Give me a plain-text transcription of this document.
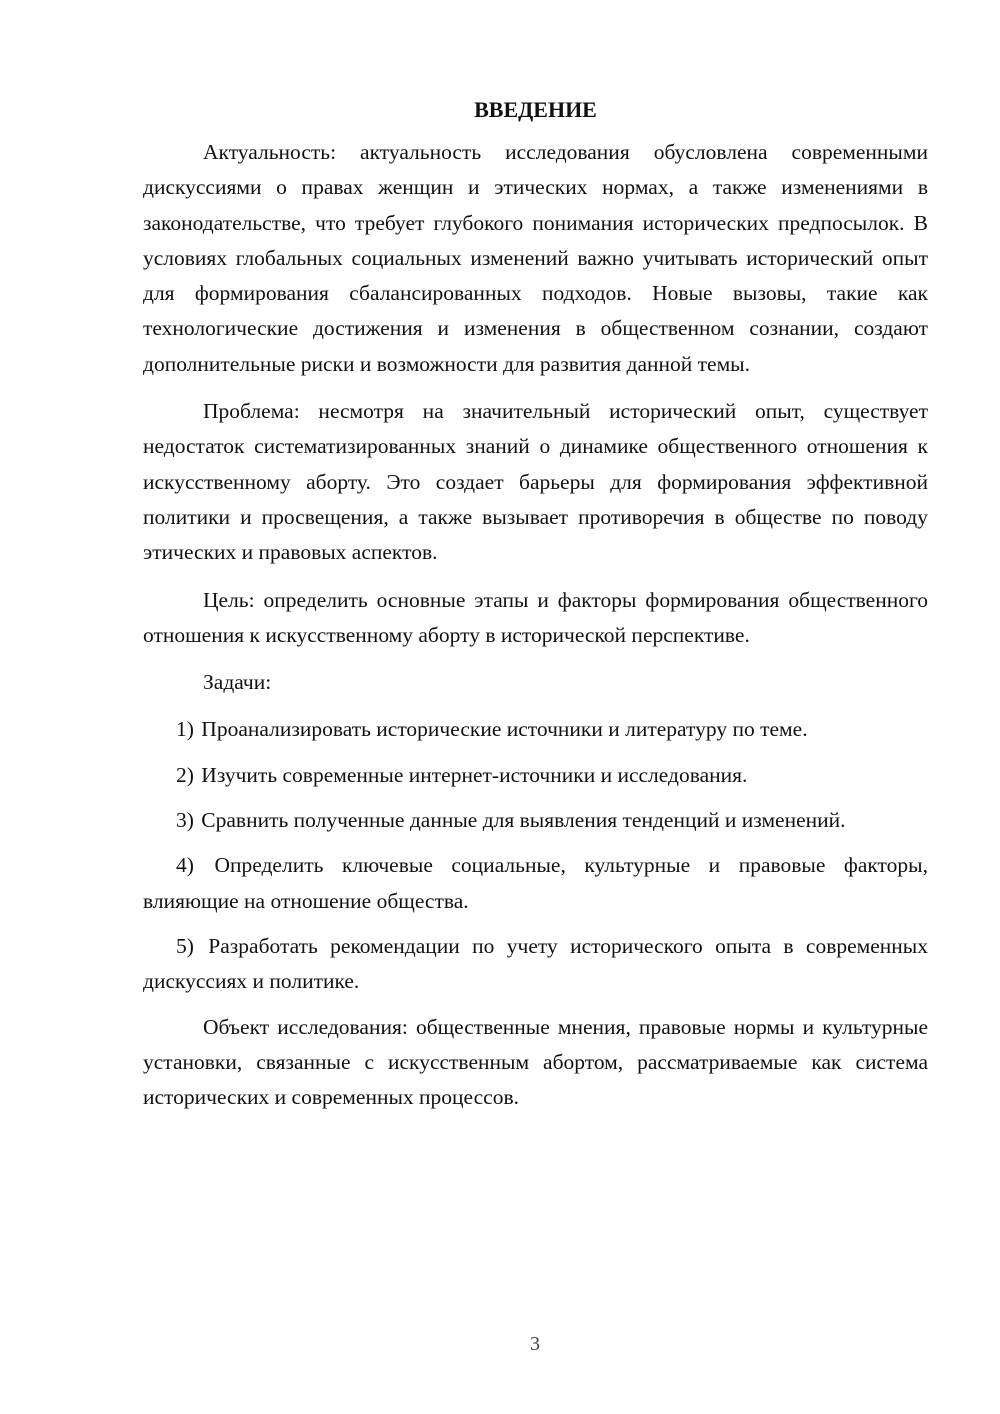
ВВЕДЕНИЕ

Актуальность: актуальность исследования обусловлена современными дискуссиями о правах женщин и этических нормах, а также изменениями в законодательстве, что требует глубокого понимания исторических предпосылок. В условиях глобальных социальных изменений важно учитывать исторический опыт для формирования сбалансированных подходов. Новые вызовы, такие как технологические достижения и изменения в общественном сознании, создают дополнительные риски и возможности для развития данной темы.

Проблема: несмотря на значительный исторический опыт, существует недостаток систематизированных знаний о динамике общественного отношения к искусственному аборту. Это создает барьеры для формирования эффективной политики и просвещения, а также вызывает противоречия в обществе по поводу этических и правовых аспектов.

Цель: определить основные этапы и факторы формирования общественного отношения к искусственному аборту в исторической перспективе.

Задачи:

1) Проанализировать исторические источники и литературу по теме.

2) Изучить современные интернет-источники и исследования.

3) Сравнить полученные данные для выявления тенденций и изменений.

4) Определить ключевые социальные, культурные и правовые факторы, влияющие на отношение общества.

5) Разработать рекомендации по учету исторического опыта в современных дискуссиях и политике.

Объект исследования: общественные мнения, правовые нормы и культурные установки, связанные с искусственным абортом, рассматриваемые как система исторических и современных процессов.

3
